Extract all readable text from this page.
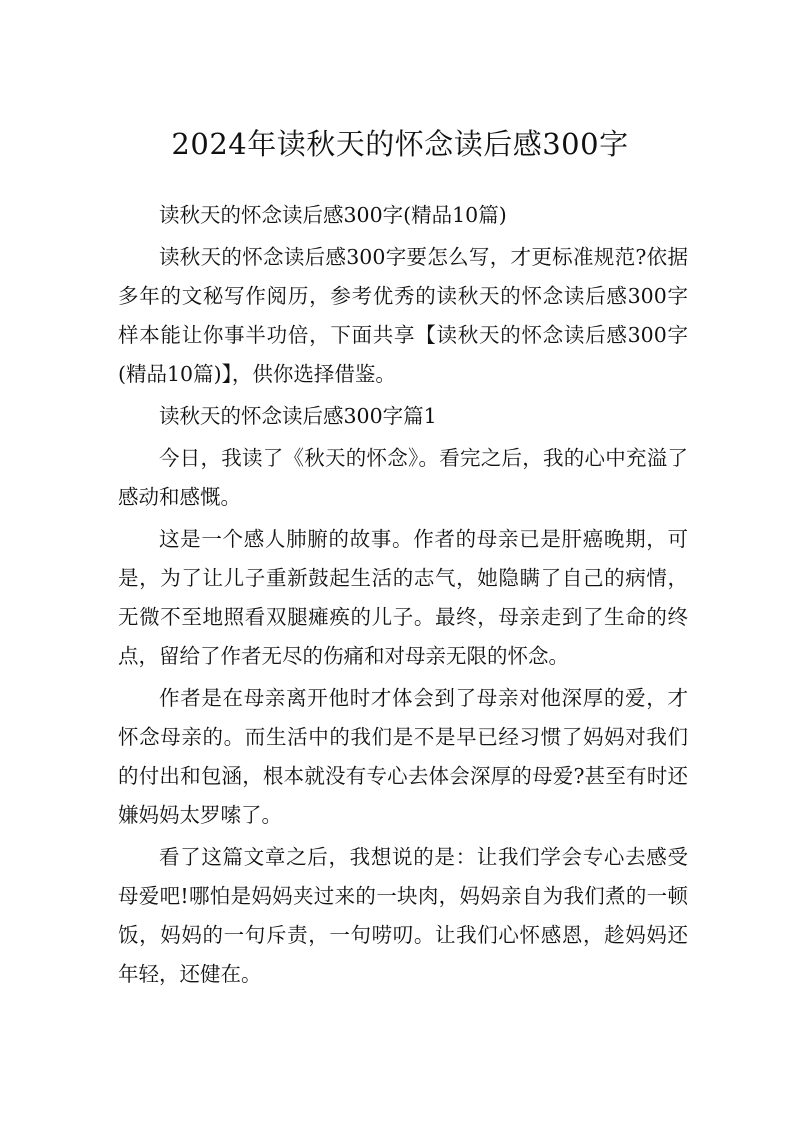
2024年读秋天的怀念读后感300字

读秋天的怀念读后感300字(精品10篇)

读秋天的怀念读后感300字要怎么写，才更标准规范?依据多年的文秘写作阅历，参考优秀的读秋天的怀念读后感300字样本能让你事半功倍，下面共享【读秋天的怀念读后感300字(精品10篇)】，供你选择借鉴。

读秋天的怀念读后感300字篇1

今日，我读了《秋天的怀念》。看完之后，我的心中充溢了感动和感慨。

这是一个感人肺腑的故事。作者的母亲已是肝癌晚期，可是，为了让儿子重新鼓起生活的志气，她隐瞒了自己的病情，无微不至地照看双腿瘫痪的儿子。最终，母亲走到了生命的终点，留给了作者无尽的伤痛和对母亲无限的怀念。

作者是在母亲离开他时才体会到了母亲对他深厚的爱，才怀念母亲的。而生活中的我们是不是早已经习惯了妈妈对我们的付出和包涵，根本就没有专心去体会深厚的母爱?甚至有时还嫌妈妈太罗嗦了。

看了这篇文章之后，我想说的是：让我们学会专心去感受母爱吧!哪怕是妈妈夹过来的一块肉，妈妈亲自为我们煮的一顿饭，妈妈的一句斥责，一句唠叨。让我们心怀感恩，趁妈妈还年轻，还健在。
